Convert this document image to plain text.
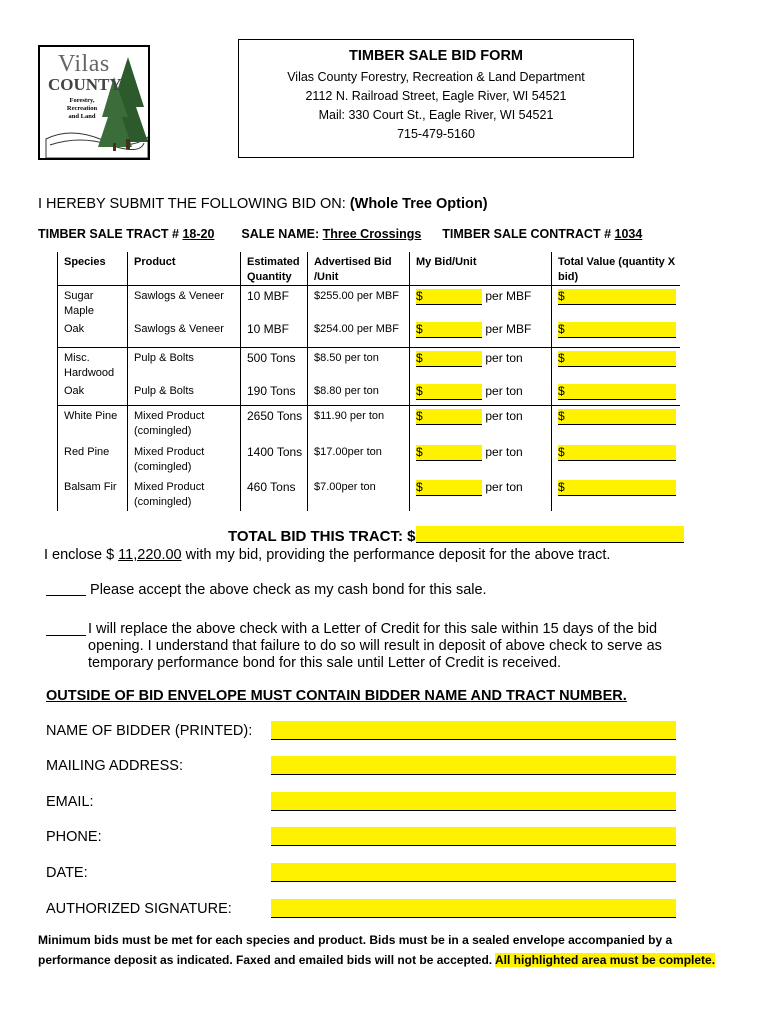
Vilas
COUNTY
Forestry, Recreation and Land
TIMBER SALE BID FORM
Vilas County Forestry, Recreation & Land Department
2112 N. Railroad Street, Eagle River, WI 54521
Mail: 330 Court St., Eagle River, WI 54521
715-479-5160
I HEREBY SUBMIT THE FOLLOWING BID ON: (Whole Tree Option)
TIMBER SALE TRACT # 18-20 SALE NAME: Three Crossings TIMBER SALE CONTRACT # 1034
Species	Product	Estimated Quantity	Advertised Bid /Unit	My Bid/Unit	Total Value (quantity X bid)
Sugar Maple	Sawlogs & Veneer	10 MBF	$255.00 per MBF	$ per MBF	$
Oak	Sawlogs & Veneer	10 MBF	$254.00 per MBF	$ per MBF	$
Misc. Hardwood	Pulp & Bolts	500 Tons	$8.50 per ton	$ per ton	$
Oak	Pulp & Bolts	190 Tons	$8.80 per ton	$ per ton	$
White Pine	Mixed Product (comingled)	2650 Tons	$11.90 per ton	$ per ton	$
Red Pine	Mixed Product (comingled)	1400 Tons	$17.00per ton	$ per ton	$
Balsam Fir	Mixed Product (comingled)	460 Tons	$7.00per ton	$ per ton	$
TOTAL BID THIS TRACT: $
I enclose $ 11,220.00 with my bid, providing the performance deposit for the above tract.
Please accept the above check as my cash bond for this sale.
I will replace the above check with a Letter of Credit for this sale within 15 days of the bid opening. I understand that failure to do so will result in deposit of above check to serve as temporary performance bond for this sale until Letter of Credit is received.
OUTSIDE OF BID ENVELOPE MUST CONTAIN BIDDER NAME AND TRACT NUMBER.
NAME OF BIDDER (PRINTED):
MAILING ADDRESS:
EMAIL:
PHONE:
DATE:
AUTHORIZED SIGNATURE:
Minimum bids must be met for each species and product. Bids must be in a sealed envelope accompanied by a performance deposit as indicated. Faxed and emailed bids will not be accepted. All highlighted area must be complete.
